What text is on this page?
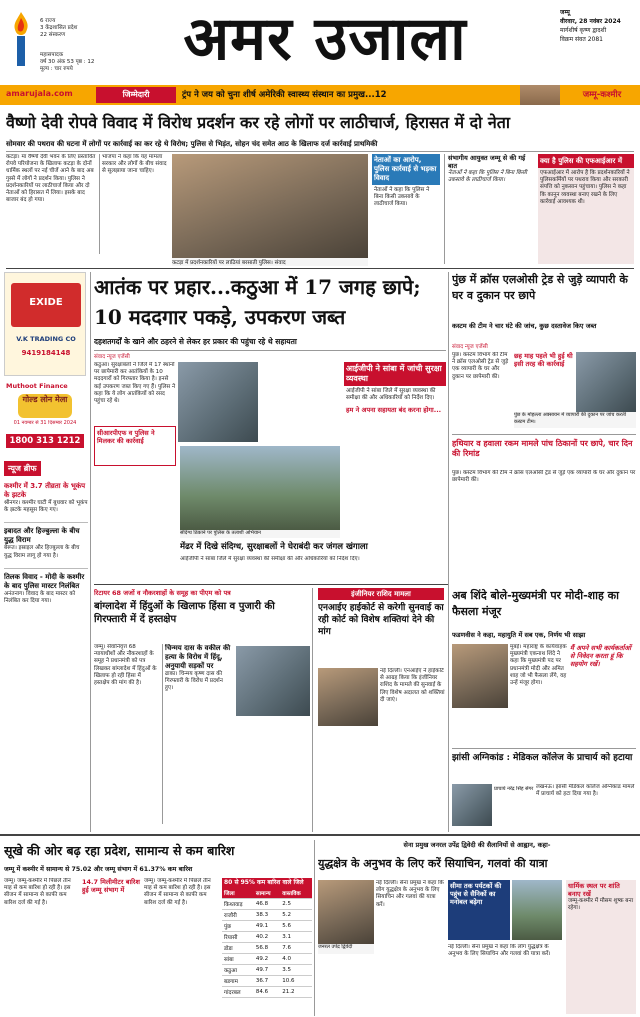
6 राज्य
3 केंद्रशासित प्रदेश
22 संस्करण
महासंपादक
वर्ष 30 अंक 53 पृष्ठ : 12
मूल्य : चार रुपये	अमर उजाला	जम्मू
वीरवार, 28 नवंबर 2024
मार्गशीर्ष कृष्ण द्वादशी
विक्रम संवत 2081
amarujala.com	जिम्मेदारी	ट्रंप ने जय को चुना शीर्ष अमेरिकी स्वास्थ्य संस्थान का प्रमुख...12	जम्मू-कश्मीर
वैष्णो देवी रोपवे विवाद में विरोध प्रदर्शन कर रहे लोगों पर लाठीचार्ज, हिरासत में दो नेता
सोमवार की पथराव की घटना में लोगों पर कार्रवाई का कर रहे थे विरोध; पुलिस से भिड़ंत, सोहन चंद समेत आठ के खिलाफ दर्ज कार्रवाई प्राथमिकी
कटड़ा। मां वैष्णो देवी भवन के लिए प्रस्तावित रोपवे परियोजना के खिलाफ कटड़ा के दोनों धार्मिक स्थलों पर नई चीजें आने के बाद अब गुस्से में लोगों ने प्रदर्शन किया। पुलिस ने प्रदर्शनकारियों पर लाठीचार्ज किया और दो नेताओं को हिरासत में लिया। इसके बाद बाजार बंद हो गया।
भाजपा ने कहा कि यह मामला सरकार और लोगों के बीच संवाद से सुलझाया जाना चाहिए।
कटड़ा में प्रदर्शनकारियों पर लाठियां बरसाती पुलिस। संवाद
नेताओं का आरोप, पुलिस कार्रवाई से भड़का विवाद
नेताओं ने कहा कि पुलिस ने बिना किसी उकसावे के लाठीचार्ज किया।
संभागीय आयुक्त जम्मू से की गई बात
नेताओं ने कहा कि पुलिस ने बिना किसी उकसावे के लाठीचार्ज किया।
क्या है पुलिस की एफआईआर में
एफआईआर में आरोप है कि प्रदर्शनकारियों ने पुलिसकर्मियों पर पथराव किया और सरकारी संपत्ति को नुकसान पहुंचाया। पुलिस ने कहा कि कानून व्यवस्था बनाए रखने के लिए कार्रवाई आवश्यक थी।
EXIDE
V.K TRADING CO
9419184148
Muthoot Finance
गोल्ड लोन मेला
01 नवम्बर से 31 दिसम्बर 2024
1800 313 1212
न्यूज ब्रीफ
कश्मीर में 3.7 तीव्रता के भूकंप के झटके
श्रीनगर। कश्मीर घाटी में बुधवार को भूकंप के झटके महसूस किए गए।
इबादत और हिज्बुल्ला के बीच युद्ध विराम
बेरूत। इस्राइल और हिज्बुल्ला के बीच युद्ध विराम लागू हो गया है।
तिलक विवाद - मोदी के कश्मीर के बाद पुलिस मास्टर निलंबित
अनंतनाग। विवाद के बाद मास्टर को निलंबित कर दिया गया।
आतंक पर प्रहार...कठुआ में 17 जगह छापे; 10 मददगार पकड़े, उपकरण जब्त
दहशतगर्दों के खाने और ठहरने से लेकर हर प्रकार की पहुंचा रहे थे सहायता
संवाद न्यूज एजेंसी
कठुआ। सुरक्षाबलों ने जिले में 17 स्थानों पर छापेमारी कर आतंकियों के 10 मददगारों को गिरफ्तार किया है। इनसे कई उपकरण जब्त किए गए हैं। पुलिस ने कहा कि ये लोग आतंकियों को रसद पहुंचा रहे थे।
सीआरपीएफ व पुलिस ने मिलकर की कार्रवाई
संदिग्ध ठिकाने पर पुलिस के तलाशी अभियान
आईजीपी ने सांबा में जांची सुरक्षा व्यवस्था
आईजीपी ने सांबा जिले में सुरक्षा व्यवस्था की समीक्षा की और अधिकारियों को निर्देश दिए।
हम ने अपना सहायता बंद करना होगा...
मेंढर में दिखे संदिग्ध, सुरक्षाबलों ने घेराबंदी कर जंगल खंगाला
आईजीपी ने सांबा जिले में सुरक्षा व्यवस्था की समीक्षा की और अधिकारियों को निर्देश दिए।
पुंछ में क्रॉस एलओसी ट्रेड से जुड़े व्यापारी के घर व दुकान पर छापे
कस्टम की टीम ने चार घंटे की जांच, कुछ दस्तावेज किए जब्त
संवाद न्यूज एजेंसी
पुंछ। कस्टम विभाग की टीम ने क्रॉस एलओसी ट्रेड से जुड़े एक व्यापारी के घर और दुकान पर छापेमारी की।
छह माह पहले भी हुई थी इसी तरह की कार्रवाई
पुंछ के मोहल्ला अक्सायन में व्यापारी की दुकान पर जांच करती कस्टम टीम।
हथियार व हवाला रकम मामले पांच ठिकानों पर छापे, चार दिन की रिमांड
पुंछ। कस्टम विभाग की टीम ने क्रॉस एलओसी ट्रेड से जुड़े एक व्यापारी के घर और दुकान पर छापेमारी की।
रिटायर 68 जजों व नौकरशाहों के समूह का पीएम को पत्र
बांग्लादेश में हिंदुओं के खिलाफ हिंसा व पुजारी की गिरफ्तारी में दें हस्तक्षेप
जम्मू। सेवानिवृत्त 68 न्यायाधीशों और नौकरशाहों के समूह ने प्रधानमंत्री को पत्र लिखकर बांग्लादेश में हिंदुओं के खिलाफ हो रही हिंसा में हस्तक्षेप की मांग की है।
चिन्मय दास के वकील की हत्या के विरोध में हिंदू, अनुयायी सड़कों पर
ढाका। चिन्मय कृष्ण दास की गिरफ्तारी के विरोध में प्रदर्शन हुए।
इंजीनियर राशिद मामला
एनआईए हाईकोर्ट से करेगी सुनवाई का रही कोर्ट को विशेष शक्तियां देने की मांग
नई दिल्ली। एनआईए ने हाईकोर्ट से आग्रह किया कि इंजीनियर राशिद के मामले की सुनवाई के लिए विशेष अदालत को शक्तियां दी जाएं।
अब शिंदे बोले-मुख्यमंत्री पर मोदी-शाह का फैसला मंजूर
फडणवीस ने कहा, महायुति में सब एक, निर्णय भी साझा
मुंबई। महाराष्ट्र के कार्यवाहक मुख्यमंत्री एकनाथ शिंदे ने कहा कि मुख्यमंत्री पद पर प्रधानमंत्री मोदी और अमित शाह जो भी फैसला लेंगे, वह उन्हें मंजूर होगा।
मैं अपने सभी कार्यकर्ताओं से निवेदन करता हूं कि सहयोग रखें।
झांसी अग्निकांड : मेडिकल कॉलेज के प्राचार्य को हटाया
प्राचार्य नरेंद्र सिंह सेंगर लखनऊ। झांसी मेडिकल कॉलेज अग्निकांड मामले में प्राचार्य को हटा दिया गया है।
सूखे की ओर बढ़ रहा प्रदेश, सामान्य से कम बारिश
जम्मू में कश्मीर में सामान्य से 75.02 और जम्मू संभाग में 61.37% कम बारिश
जम्मू। जम्मू-कश्मीर में पिछले तीन माह से कम बारिश हो रही है। इस सीजन में सामान्य से काफी कम बारिश दर्ज की गई है।
14.7 मिलीमीटर बारिश हुई जम्मू संभाग में
जम्मू। जम्मू-कश्मीर में पिछले तीन माह से कम बारिश हो रही है। इस सीजन में सामान्य से काफी कम बारिश दर्ज की गई है।
80 से 95% कम बारिश वाले जिले
जिला	सामान्य	वास्तविक
किश्तवाड़	46.8	2.5
राजौरी	38.3	5.2
पुंछ	49.1	5.6
रियासी	40.2	3.1
डोडा	56.8	7.6
सांबा	49.2	4.0
कठुआ	49.7	3.5
बडगाम	36.7	10.6
गांदरबल	84.6	21.2
सेना प्रमुख जनरल उपेंद्र द्विवेदी की सैलानियों से आह्वान, कहा-
युद्धक्षेत्र के अनुभव के लिए करें सियाचिन, गलवां की यात्रा
जनरल उपेंद्र द्विवेदी
नई दिल्ली। सेना प्रमुख ने कहा कि लोग युद्धक्षेत्र के अनुभव के लिए सियाचिन और गलवां की यात्रा करें।
सीमा तक पर्यटकों की पहुंच से सैनिकों का मनोबल बढ़ेगा
नई दिल्ली। सेना प्रमुख ने कहा कि लोग युद्धक्षेत्र के अनुभव के लिए सियाचिन और गलवां की यात्रा करें।
धार्मिक स्थल पर शांति बनाए रखें
जम्मू-कश्मीर में मौसम शुष्क बना रहेगा।
